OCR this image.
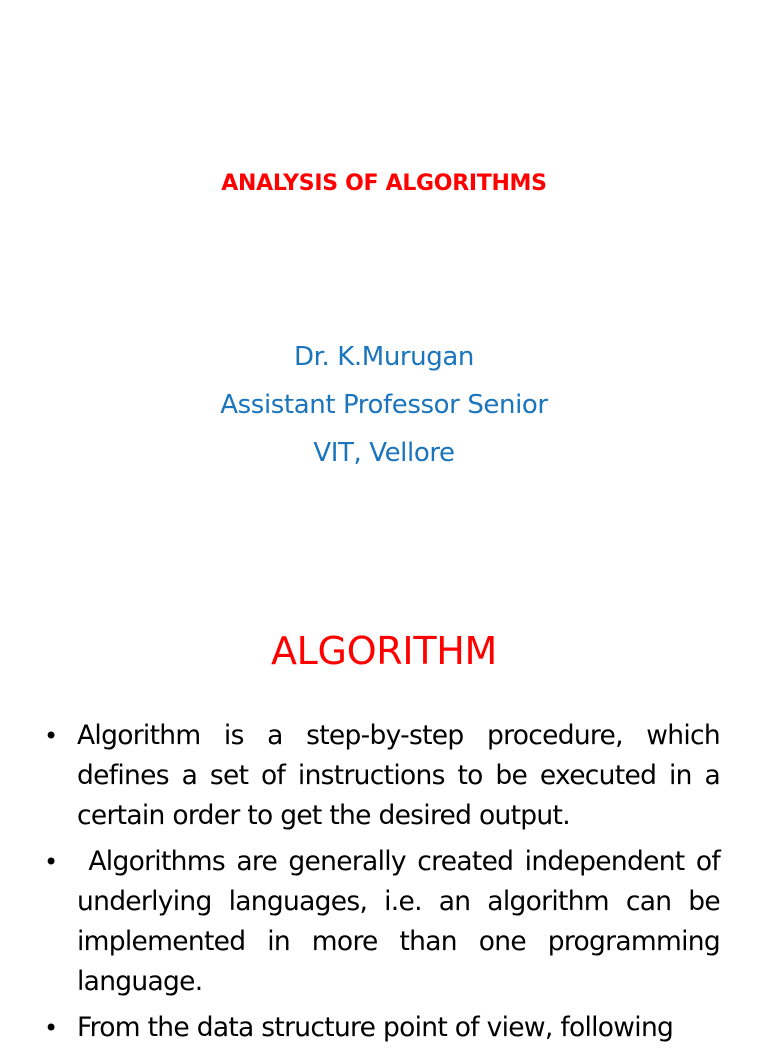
ANALYSIS OF ALGORITHMS
Dr. K.Murugan
Assistant Professor Senior
VIT, Vellore
ALGORITHM
• Algorithm is a step-by-step procedure, which defines a set of instructions to be executed in a certain order to get the desired output.
• Algorithms are generally created independent of underlying languages, i.e. an algorithm can be implemented in more than one programming language.
• From the data structure point of view, following
